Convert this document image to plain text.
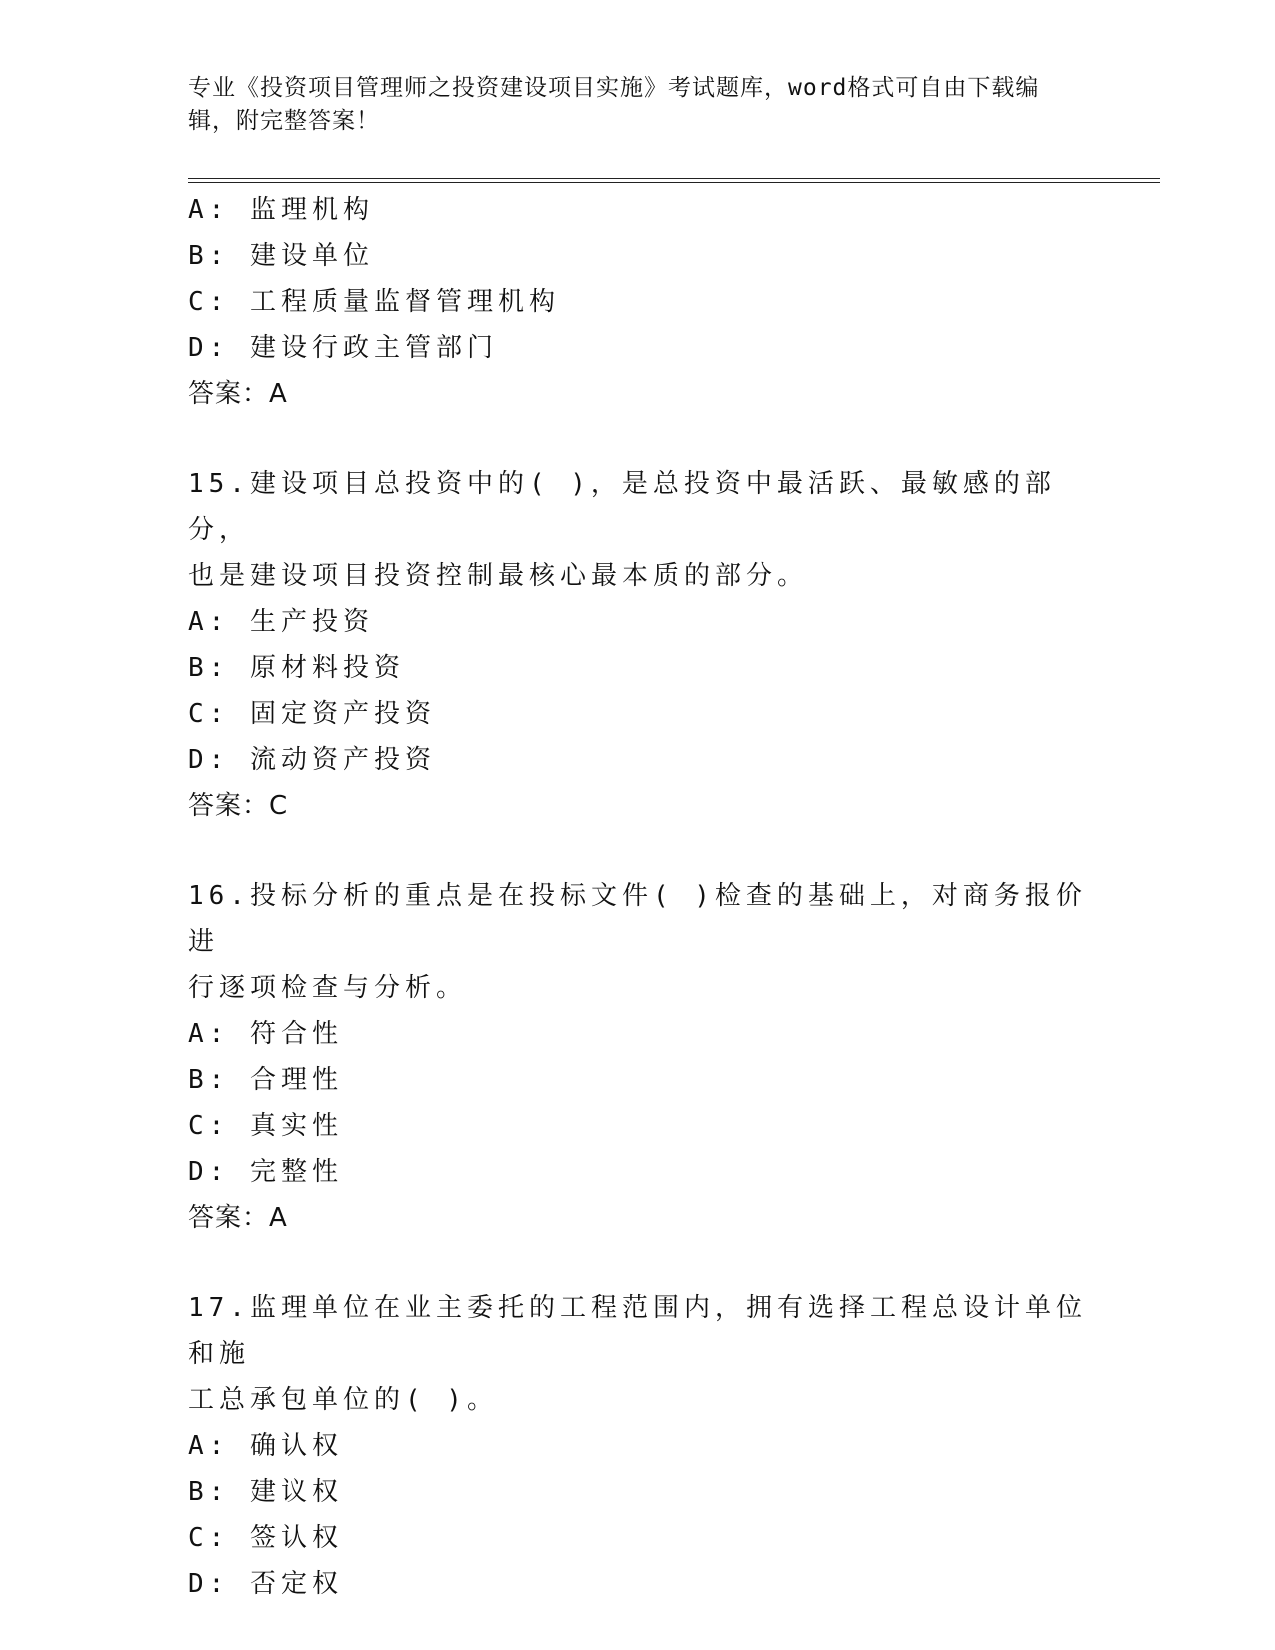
专业《投资项目管理师之投资建设项目实施》考试题库，word格式可自由下载编
辑，附完整答案！
A: 监理机构
B: 建设单位
C: 工程质量监督管理机构
D: 建设行政主管部门
答案：A
15.建设项目总投资中的( )，是总投资中最活跃、最敏感的部分，
也是建设项目投资控制最核心最本质的部分。
A: 生产投资
B: 原材料投资
C: 固定资产投资
D: 流动资产投资
答案：C
16.投标分析的重点是在投标文件( )检查的基础上，对商务报价进
行逐项检查与分析。
A: 符合性
B: 合理性
C: 真实性
D: 完整性
答案：A
17.监理单位在业主委托的工程范围内，拥有选择工程总设计单位和施
工总承包单位的( )。
A: 确认权
B: 建议权
C: 签认权
D: 否定权
